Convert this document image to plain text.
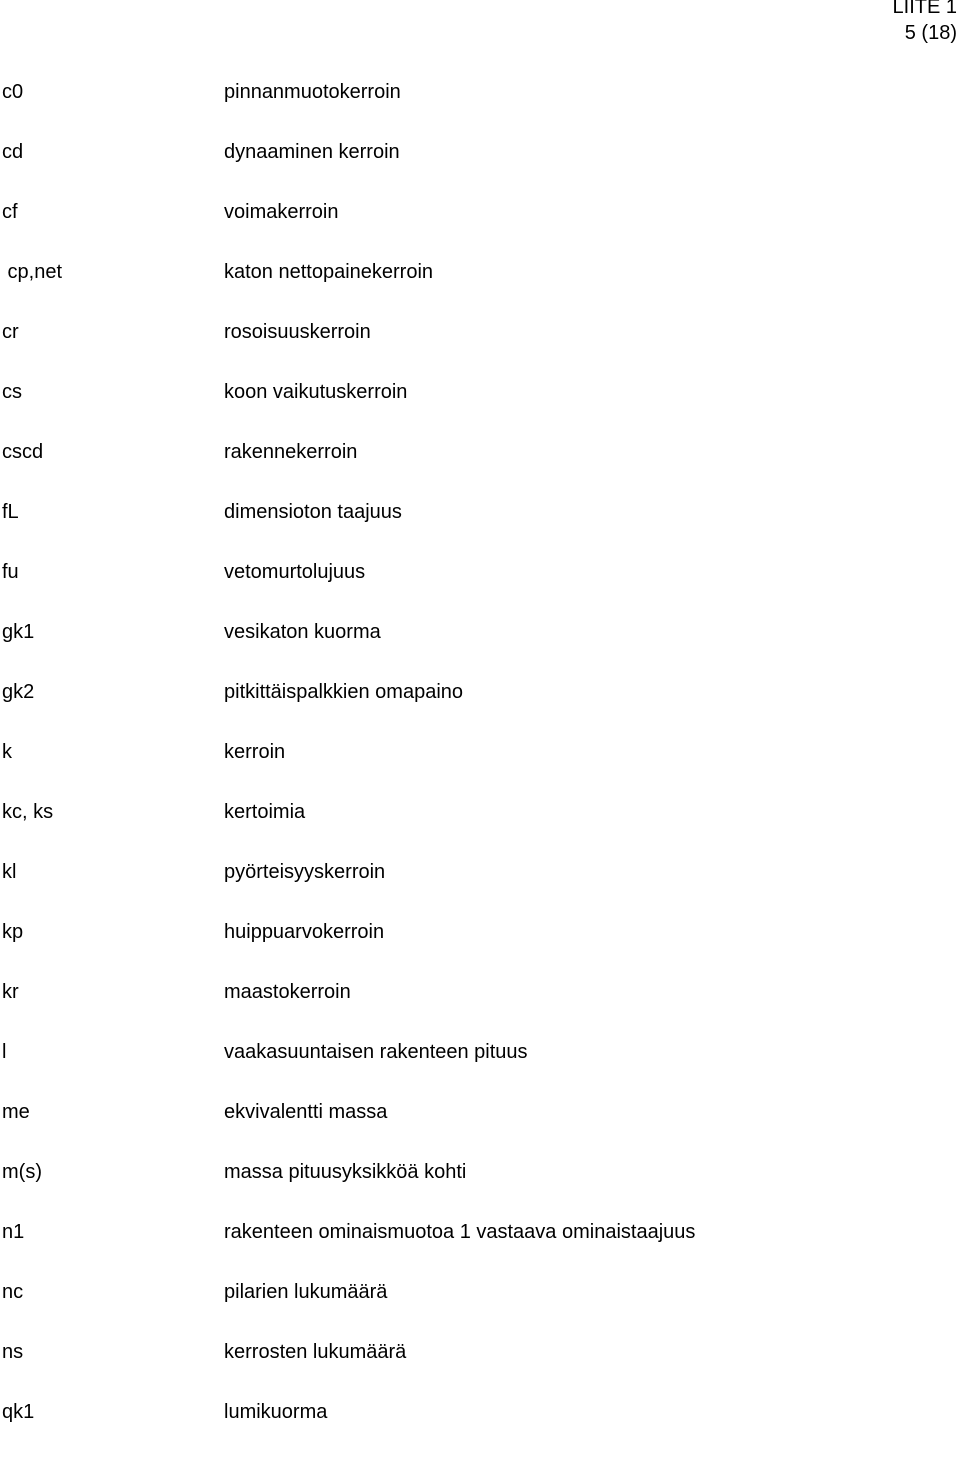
LIITE 1
5 (18)
c0	pinnanmuotokerroin
cd	dynaaminen kerroin
cf	voimakerroin
cp,net	katon nettopainekerroin
cr	rosoisuuskerroin
cs	koon vaikutuskerroin
cscd	rakennekerroin
fL	dimensioton taajuus
fu	vetomurtolujuus
gk1	vesikaton kuorma
gk2	pitkittäispalkkien omapaino
k	kerroin
kc, ks	kertoimia
kl	pyörteisyyskerroin
kp	huippuarvokerroin
kr	maastokerroin
l	vaakasuuntaisen rakenteen pituus
me	ekvivalentti massa
m(s)	massa pituusyksikköä kohti
n1	rakenteen ominaismuotoa 1 vastaava ominaistaajuus
nc	pilarien lukumäärä
ns	kerrosten lukumäärä
qk1	lumikuorma
